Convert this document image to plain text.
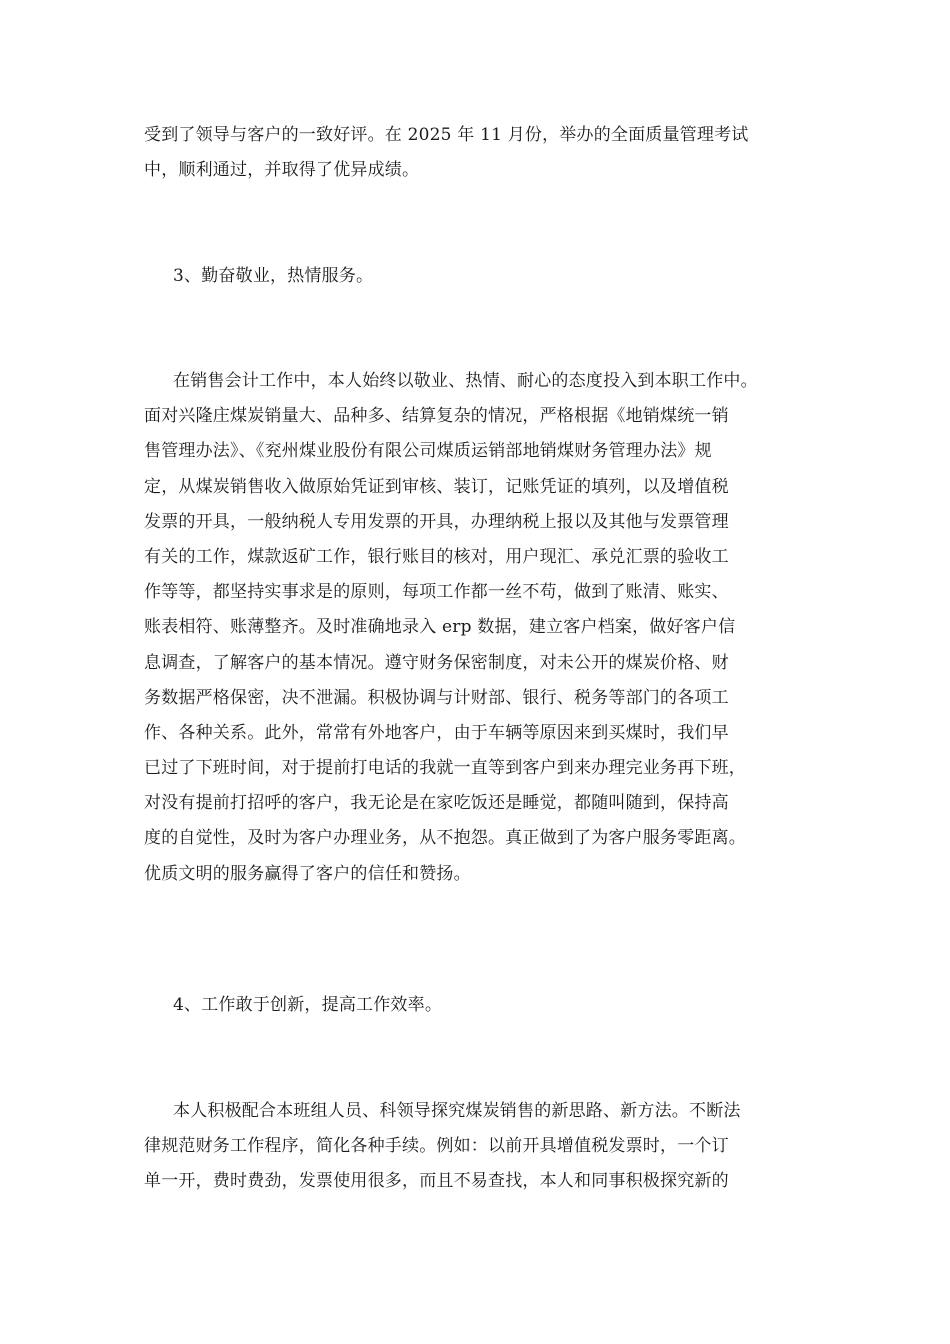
受到了领导与客户的一致好评。在 2025 年 11 月份，举办的全面质量管理考试
中，顺利通过，并取得了优异成绩。
3、勤奋敬业，热情服务。
在销售会计工作中，本人始终以敬业、热情、耐心的态度投入到本职工作中。
面对兴隆庄煤炭销量大、品种多、结算复杂的情况，严格根据《地销煤统一销
售管理办法》、《兖州煤业股份有限公司煤质运销部地销煤财务管理办法》规
定，从煤炭销售收入做原始凭证到审核、装订，记账凭证的填列，以及增值税
发票的开具，一般纳税人专用发票的开具，办理纳税上报以及其他与发票管理
有关的工作，煤款返矿工作，银行账目的核对，用户现汇、承兑汇票的验收工
作等等，都坚持实事求是的原则，每项工作都一丝不苟，做到了账清、账实、
账表相符、账薄整齐。及时准确地录入 erp 数据，建立客户档案，做好客户信
息调查，了解客户的基本情况。遵守财务保密制度，对未公开的煤炭价格、财
务数据严格保密，决不泄漏。积极协调与计财部、银行、税务等部门的各项工
作、各种关系。此外，常常有外地客户，由于车辆等原因来到买煤时，我们早
已过了下班时间，对于提前打电话的我就一直等到客户到来办理完业务再下班，
对没有提前打招呼的客户，我无论是在家吃饭还是睡觉，都随叫随到，保持高
度的自觉性，及时为客户办理业务，从不抱怨。真正做到了为客户服务零距离。
优质文明的服务赢得了客户的信任和赞扬。
4、工作敢于创新，提高工作效率。
本人积极配合本班组人员、科领导探究煤炭销售的新思路、新方法。不断法
律规范财务工作程序，简化各种手续。例如：以前开具增值税发票时，一个订
单一开，费时费劲，发票使用很多，而且不易查找，本人和同事积极探究新的
